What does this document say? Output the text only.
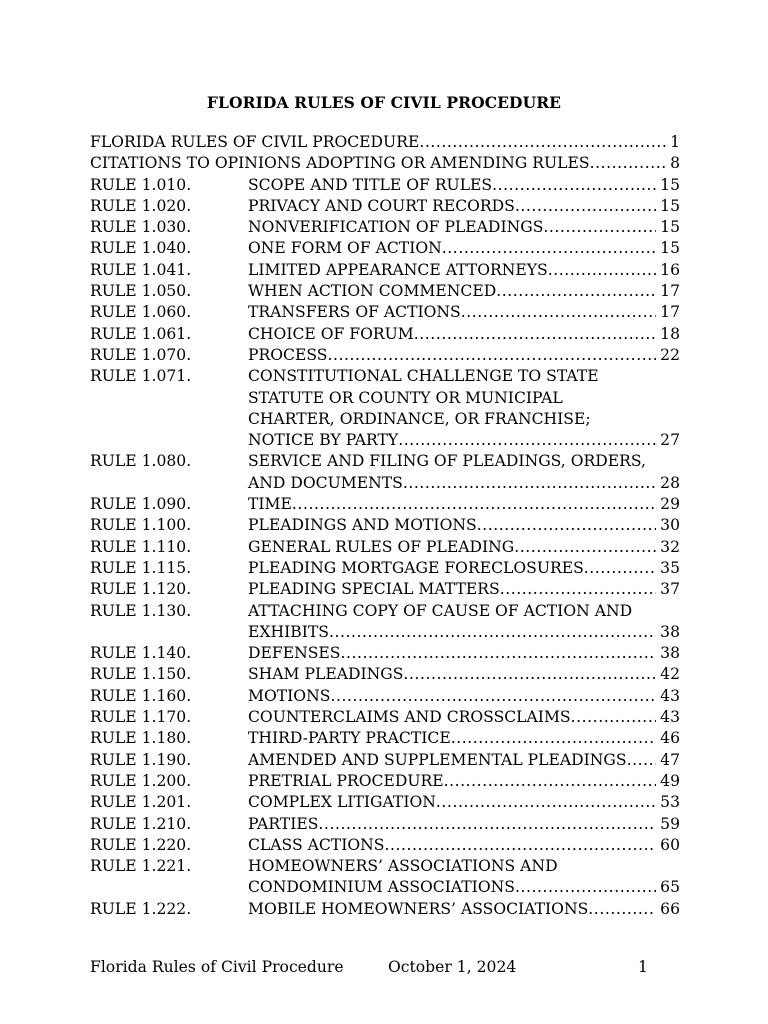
FLORIDA RULES OF CIVIL PROCEDURE
FLORIDA RULES OF CIVIL PROCEDURE . . .	1
CITATIONS TO OPINIONS ADOPTING OR AMENDING RULES . . .	8
RULE 1.010.	SCOPE AND TITLE OF RULES . . .	15
RULE 1.020.	PRIVACY AND COURT RECORDS . . .	15
RULE 1.030.	NONVERIFICATION OF PLEADINGS . . .	15
RULE 1.040.	ONE FORM OF ACTION . . .	15
RULE 1.041.	LIMITED APPEARANCE ATTORNEYS . . .	16
RULE 1.050.	WHEN ACTION COMMENCED . . .	17
RULE 1.060.	TRANSFERS OF ACTIONS . . .	17
RULE 1.061.	CHOICE OF FORUM . . .	18
RULE 1.070.	PROCESS . . .	22
RULE 1.071.	CONSTITUTIONAL CHALLENGE TO STATE
STATUTE OR COUNTY OR MUNICIPAL
CHARTER, ORDINANCE, OR FRANCHISE;
NOTICE BY PARTY . . .	27
RULE 1.080.	SERVICE AND FILING OF PLEADINGS, ORDERS,
AND DOCUMENTS . . .	28
RULE 1.090.	TIME . . .	29
RULE 1.100.	PLEADINGS AND MOTIONS . . .	30
RULE 1.110.	GENERAL RULES OF PLEADING . . .	32
RULE 1.115.	PLEADING MORTGAGE FORECLOSURES . . .	35
RULE 1.120.	PLEADING SPECIAL MATTERS . . .	37
RULE 1.130.	ATTACHING COPY OF CAUSE OF ACTION AND
EXHIBITS . . .	38
RULE 1.140.	DEFENSES . . .	38
RULE 1.150.	SHAM PLEADINGS . . .	42
RULE 1.160.	MOTIONS . . .	43
RULE 1.170.	COUNTERCLAIMS AND CROSSCLAIMS . . .	43
RULE 1.180.	THIRD-PARTY PRACTICE . . .	46
RULE 1.190.	AMENDED AND SUPPLEMENTAL PLEADINGS . . . 47
RULE 1.200.	PRETRIAL PROCEDURE . . .	49
RULE 1.201.	COMPLEX LITIGATION . . .	53
RULE 1.210.	PARTIES . . .	59
RULE 1.220.	CLASS ACTIONS . . .	60
RULE 1.221.	HOMEOWNERS’ ASSOCIATIONS AND
CONDOMINIUM ASSOCIATIONS . . .	65
RULE 1.222.	MOBILE HOMEOWNERS’ ASSOCIATIONS . . .	66
Florida Rules of Civil Procedure	October 1, 2024	1
